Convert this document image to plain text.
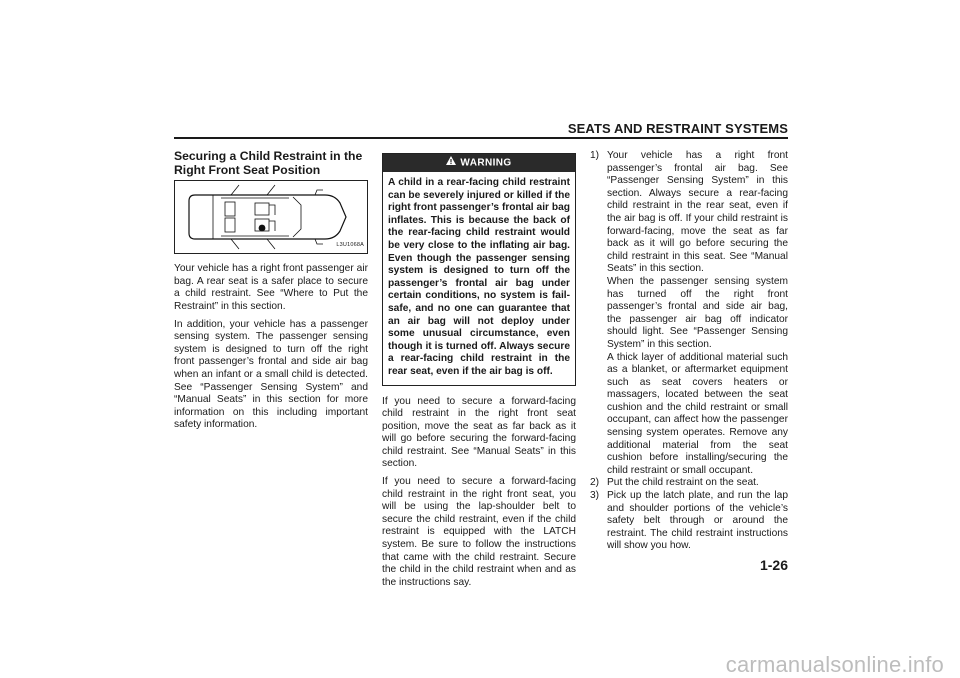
SEATS AND RESTRAINT SYSTEMS
Securing a Child Restraint in the Right Front Seat Position
L3U1068A

Your vehicle has a right front passenger air bag. A rear seat is a safer place to secure a child restraint. See “Where to Put the Restraint” in this section.

In addition, your vehicle has a passenger sensing system. The passenger sensing system is designed to turn off the right front passenger’s frontal and side air bag when an infant or a small child is detected. See “Passenger Sensing System” and “Manual Seats” in this section for more information on this including important safety information.

WARNING
A child in a rear-facing child restraint can be severely injured or killed if the right front passenger’s frontal air bag inflates. This is because the back of the rear-facing child restraint would be very close to the inflating air bag. Even though the passenger sensing system is designed to turn off the passenger’s frontal air bag under certain conditions, no system is fail-safe, and no one can guarantee that an air bag will not deploy under some unusual circumstance, even though it is turned off. Always secure a rear-facing child restraint in the rear seat, even if the air bag is off.

If you need to secure a forward-facing child restraint in the right front seat position, move the seat as far back as it will go before securing the forward-facing child restraint. See “Manual Seats” in this section.

If you need to secure a forward-facing child restraint in the right front seat, you will be using the lap-shoulder belt to secure the child restraint, even if the child restraint is equipped with the LATCH system. Be sure to follow the instructions that came with the child restraint. Secure the child in the child restraint when and as the instructions say.

1) Your vehicle has a right front passenger’s frontal air bag. See “Passenger Sensing System” in this section. Always secure a rear-facing child restraint in the rear seat, even if the air bag is off. If your child restraint is forward-facing, move the seat as far back as it will go before securing the child restraint in this seat. See “Manual Seats” in this section.

When the passenger sensing system has turned off the right front passenger’s frontal and side air bag, the passenger air bag off indicator should light. See “Passenger Sensing System” in this section.

A thick layer of additional material such as a blanket, or aftermarket equipment such as seat covers heaters or massagers, located between the seat cushion and the child restraint or small occupant, can affect how the passenger sensing system operates. Remove any additional material from the seat cushion before installing/securing the child restraint or small occupant.

2) Put the child restraint on the seat.

3) Pick up the latch plate, and run the lap and shoulder portions of the vehicle’s safety belt through or around the restraint. The child restraint instructions will show you how.

1-26
carmanualsonline.info
